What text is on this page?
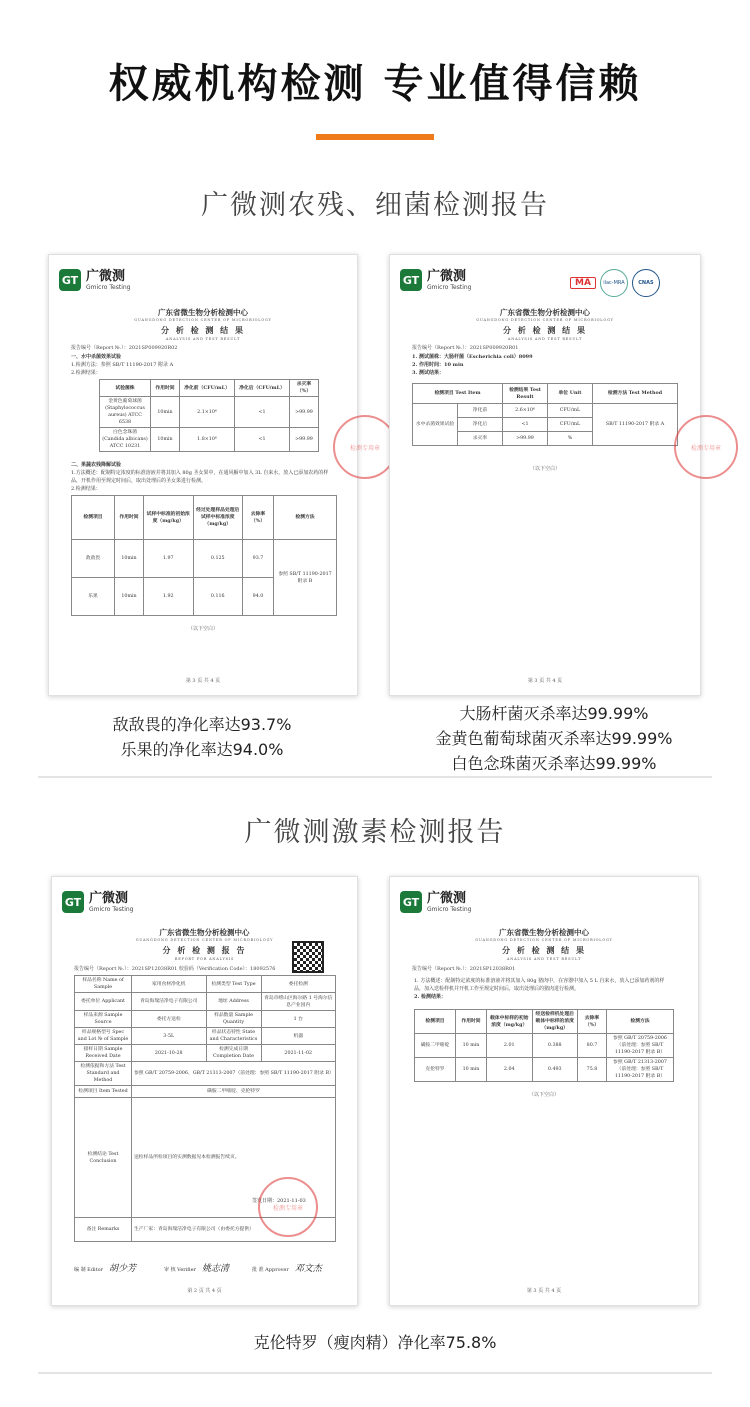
权威机构检测 专业值得信赖
广微测农残、细菌检测报告
GT 广微测
Gmicro Testing
广东省微生物分析检测中心
GUANGDONG DETECTION CENTER OF MICROBIOLOGY
分 析 检 测 结 果
ANALYSIS AND TEST RESULT
报告编号（Report №.）：2021SP009920R02
一、水中杀菌效果试验
1.检测方法：参照 SB/T 11190-2017 附录 A
2.检测结果：
试验菌株	作用时间	净化前（CFU/mL）	净化后（CFU/mL）	杀灭率（%）
金黄色葡萄球菌 (Staphylococcus aureus) ATCC 6538	10min	2.1×10⁶	<1	>99.99
白色念珠菌 (Candida albicans) ATCC 10231	10min	1.8×10⁶	<1	>99.99
二、果蔬农残降解试验
1.方法概述：配制特定浓度的标准溶液并将其加入 80g 圣女果中，在通风橱中加入 3L 自来水，放入已添加农药的样品，开机作用至规定时间后，取出处理后的圣女果进行检测。
2.检测结果：
检测项目	作用时间	试样中标准的初始浓度（mg/kg）	经过处理样品处理后试样中标准浓度（mg/kg）	去除率（%）	检测方法
敌敌畏	10min	1.97	0.125	93.7	参照 SB/T 11190-2017 附录 B
乐果	10min	1.92	0.116	94.0	
（以下空白）
第 3 页 共 4 页
检测专用章
GT 广微测
Gmicro Testing	MA	ilac-MRA	CNAS
广东省微生物分析检测中心
GUANGDONG DETECTION CENTER OF MICROBIOLOGY
分 析 检 测 结 果
ANALYSIS AND TEST RESULT
报告编号（Report №.）：2021SP009920R01
1. 测试菌株：大肠杆菌（Escherichia coli）8099
2. 作用时间：10 min
3. 测试结果：
检测项目 Test Item		检测结果 Test Result	单位 Unit	检测方法 Test Method
水中杀菌效果试验	净化前	2.6×10⁶	CFU/mL	SB/T 11190-2017 附录 A
	净化后	<1	CFU/mL	
	杀灭率	>99.99	%	
（以下空白）
第 3 页 共 4 页
检测专用章
敌敌畏的净化率达93.7%
乐果的净化率达94.0%
大肠杆菌灭杀率达99.99%
金黄色葡萄球菌灭杀率达99.99%
白色念珠菌灭杀率达99.99%
广微测激素检测报告
GT 广微测
Gmicro Testing
广东省微生物分析检测中心
GUANGDONG DETECTION CENTER OF MICROBIOLOGY
分 析 检 测 报 告
REPORT FOR ANALYSIS
报告编号（Report №.）：2021SP12038R01 校验码（Verification Code）：18092576
样品名称 Name of Sample	家用食材净化机	检测类型 Test Type	委托检测
委托单位 Applicant	青岛海瑞洁净电子有限公司	地址 Address	青岛市崂山区海尔路 1 号海尔信息产业园内
样品来源 Sample Source	委托方送检	样品数量 Sample Quantity	1 台
样品规格型号 Spec and Lot № of Sample	3-5L	样品状态特性 State and Characteristics	机器
接样日期 Sample Received Date	2021-10-28	检测完成日期 Completion Date	2021-11-02
检测依据和方法 Test Standard and Method	参照 GB/T 20759-2006、GB/T 21313-2007（前处理：参照 SB/T 11190-2017 附录 B）		
检测项目 Item Tested	磺胺二甲嘧啶、克伦特罗		
检测结论 Test Conclusion	送检样品所检项目的实测数据见本检测报告续页。		
备注 Remarks	生产厂家：青岛海瑞洁净电子有限公司（由委托方提供）		
签发日期：2021-11-03
检测专用章
编 制 Editor 胡少芳	审 核 Verifier 姚志清	批 准 Approver 邓文杰
第 2 页 共 4 页
GT 广微测
Gmicro Testing
广东省微生物分析检测中心
GUANGDONG DETECTION CENTER OF MICROBIOLOGY
分 析 检 测 结 果
ANALYSIS AND TEST RESULT
报告编号（Report №.）：2021SP12038R01
1. 方法概述：配制特定浓度的标准溶液并将其加入 80g 猪肉中，在容器中加入 5 L 自来水，放入已添加药剂的样品，加入送检样机并开机工作至规定时间后，取出处理后的猪肉进行检测。
2. 检测结果：
检测项目	作用时间	载体中标样的初始浓度（mg/kg）	经送检样机处理后载体中标样的浓度（mg/kg）	去除率（%）	检测方法
磺胺二甲嘧啶	10 min	2.01	0.388	80.7	参照 GB/T 20759-2006（前处理：参照 SB/T 11190-2017 附录 B）
克伦特罗	10 min	2.04	0.493	75.8	参照 GB/T 21313-2007（前处理：参照 SB/T 11190-2017 附录 B）
（以下空白）
第 3 页 共 4 页
克伦特罗（瘦肉精）净化率75.8%
